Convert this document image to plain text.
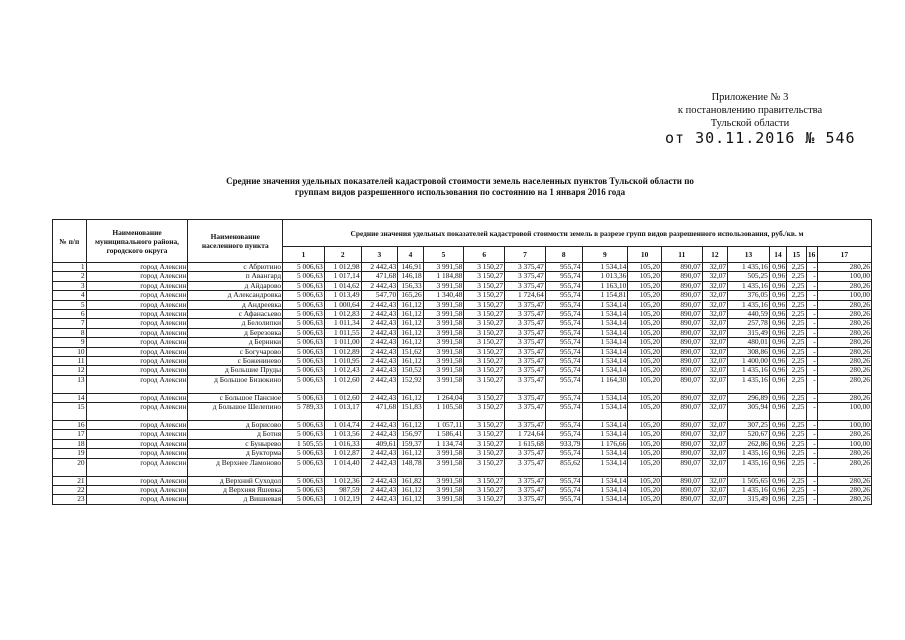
Приложение № 3
к постановлению правительства
Тульской области
от 30.11.2016 № 546
Средние значения удельных показателей кадастровой стоимости земель населенных пунктов Тульской области по
группам видов разрешенного использования по состоянию на 1 января 2016 года
№ п/п	Наименование муниципального района, городского округа	Наименование населенного пункта	Средние значения удельных показателей кадастровой стоимости земель в разрезе групп видов разрешенного использования, руб./кв. м																
			1	2	3	4	5	6	7	8	9	10	11	12	13	14	15	16	17
1	город Алексин	с Абрютино	5 006,63	1 012,98	2 442,43	146,91	3 991,58	3 150,27	3 375,47	955,74	1 534,14	105,20	890,07	32,07	1 435,16	0,96	2,25	-	280,26
2	город Алексин	п Авангард	5 006,63	1 017,14	471,68	146,18	1 184,88	3 150,27	3 375,47	955,74	1 013,36	105,20	890,07	32,07	505,25	0,96	2,25	-	100,00
3	город Алексин	д Айдарово	5 006,63	1 014,62	2 442,43	156,33	3 991,58	3 150,27	3 375,47	955,74	1 163,10	105,20	890,07	32,07	1 435,16	0,96	2,25	-	280,26
4	город Алексин	д Александровка	5 006,63	1 013,49	547,70	165,26	1 340,48	3 150,27	1 724,64	955,74	1 154,81	105,20	890,07	32,07	376,05	0,96	2,25	-	100,00
5	город Алексин	д Андреевка	5 006,63	1 000,64	2 442,43	161,12	3 991,58	3 150,27	3 375,47	955,74	1 534,14	105,20	890,07	32,07	1 435,16	0,96	2,25	-	280,26
6	город Алексин	с Афанасьево	5 006,63	1 012,83	2 442,43	161,12	3 991,58	3 150,27	3 375,47	955,74	1 534,14	105,20	890,07	32,07	440,59	0,96	2,25	-	280,26
7	город Алексин	д Белолипки	5 006,63	1 011,34	2 442,43	161,12	3 991,58	3 150,27	3 375,47	955,74	1 534,14	105,20	890,07	32,07	257,78	0,96	2,25	-	280,26
8	город Алексин	д Березовка	5 006,63	1 011,55	2 442,43	161,12	3 991,58	3 150,27	3 375,47	955,74	1 534,14	105,20	890,07	32,07	315,49	0,96	2,25	-	280,26
9	город Алексин	д Берники	5 006,63	1 011,00	2 442,43	161,12	3 991,58	3 150,27	3 375,47	955,74	1 534,14	105,20	890,07	32,07	480,01	0,96	2,25	-	280,26
10	город Алексин	с Богучарово	5 006,63	1 012,89	2 442,43	151,62	3 991,58	3 150,27	3 375,47	955,74	1 534,14	105,20	890,07	32,07	308,86	0,96	2,25	-	280,26
11	город Алексин	с Боженинево	5 006,63	1 010,95	2 442,43	161,12	3 991,58	3 150,27	3 375,47	955,74	1 534,14	105,20	890,07	32,07	1 400,00	0,96	2,25	-	280,26
12	город Алексин	д Большие Пруды	5 006,63	1 012,43	2 442,43	150,52	3 991,58	3 150,27	3 375,47	955,74	1 534,14	105,20	890,07	32,07	1 435,16	0,96	2,25	-	280,26
13	город Алексин	д Большое Бизюкино	5 006,63	1 012,60	2 442,43	152,92	3 991,58	3 150,27	3 375,47	955,74	1 164,30	105,20	890,07	32,07	1 435,16	0,96	2,25	-	280,26
14	город Алексин	с Большое Пансное	5 006,63	1 012,60	2 442,43	161,12	1 264,04	3 150,27	3 375,47	955,74	1 534,14	105,20	890,07	32,07	296,89	0,96	2,25	-	280,26
15	город Алексин	д Большое Шелепино	5 789,33	1 013,17	471,68	151,83	1 105,58	3 150,27	3 375,47	955,74	1 534,14	105,20	890,07	32,07	305,94	0,96	2,25	-	100,00
16	город Алексин	д Борисово	5 006,63	1 014,74	2 442,43	161,12	1 057,11	3 150,27	3 375,47	955,74	1 534,14	105,20	890,07	32,07	307,25	0,96	2,25	-	100,00
17	город Алексин	д Ботня	5 006,63	1 013,56	2 442,43	156,97	1 586,41	3 150,27	1 724,64	955,74	1 534,14	105,20	890,07	32,07	520,67	0,96	2,25	-	280,26
18	город Алексин	с Бунырево	1 505,55	1 016,33	409,61	159,37	1 134,74	3 150,27	1 615,68	933,79	1 176,66	105,20	890,07	32,07	262,86	0,96	2,25	-	100,00
19	город Алексин	д Букторма	5 006,63	1 012,87	2 442,43	161,12	3 991,58	3 150,27	3 375,47	955,74	1 534,14	105,20	890,07	32,07	1 435,16	0,96	2,25	-	280,26
20	город Алексин	д Верхнее Ламоново	5 006,63	1 014,40	2 442,43	148,78	3 991,58	3 150,27	3 375,47	855,62	1 534,14	105,20	890,07	32,07	1 435,16	0,96	2,25	-	280,26
21	город Алексин	д Верхний Суходол	5 006,63	1 012,36	2 442,43	161,82	3 991,58	3 150,27	3 375,47	955,74	1 534,14	105,20	890,07	32,07	1 505,65	0,96	2,25	-	280,26
22	город Алексин	д Верхняя Яшевка	5 006,63	987,59	2 442,43	161,12	3 991,58	3 150,27	3 375,47	955,74	1 534,14	105,20	890,07	32,07	1 435,16	0,96	2,25	-	280,26
23	город Алексин	д Вишневая	5 006,63	1 012,19	2 442,43	161,12	3 991,58	3 150,27	3 375,47	955,74	1 534,14	105,20	890,07	32,07	315,49	0,96	2,25	-	280,26
